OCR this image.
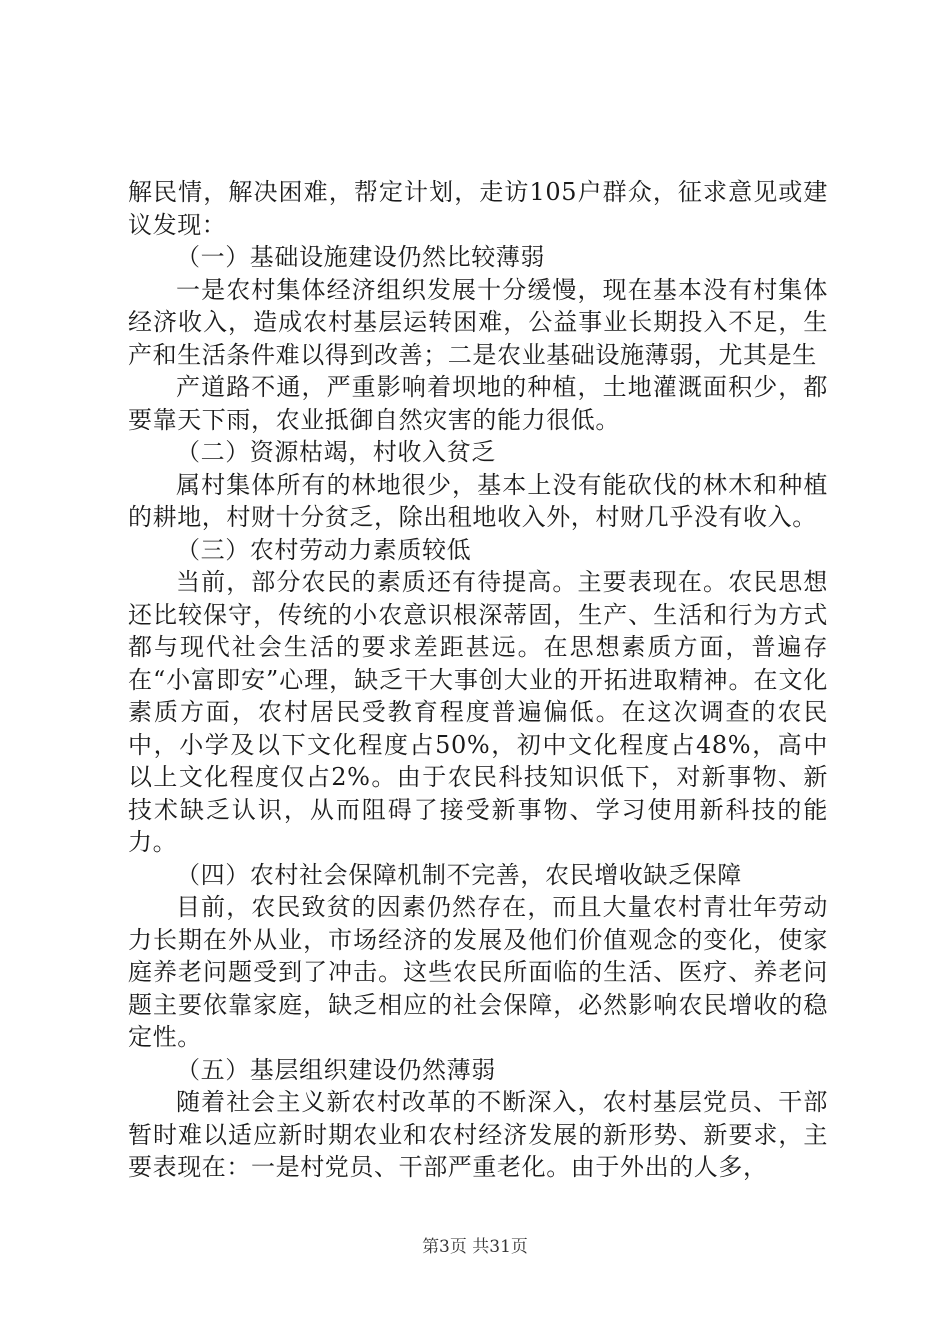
解民情，解决困难，帮定计划，走访105户群众，征求意见或建议发现：

（一）基础设施建设仍然比较薄弱

一是农村集体经济组织发展十分缓慢，现在基本没有村集体经济收入，造成农村基层运转困难，公益事业长期投入不足，生产和生活条件难以得到改善；二是农业基础设施薄弱，尤其是生

产道路不通，严重影响着坝地的种植，土地灌溉面积少，都要靠天下雨，农业抵御自然灾害的能力很低。

（二）资源枯竭，村收入贫乏

属村集体所有的林地很少，基本上没有能砍伐的林木和种植的耕地，村财十分贫乏，除出租地收入外，村财几乎没有收入。

（三）农村劳动力素质较低

当前，部分农民的素质还有待提高。主要表现在。农民思想还比较保守，传统的小农意识根深蒂固，生产、生活和行为方式都与现代社会生活的要求差距甚远。在思想素质方面，普遍存在“小富即安”心理，缺乏干大事创大业的开拓进取精神。在文化素质方面，农村居民受教育程度普遍偏低。在这次调查的农民中，小学及以下文化程度占50%，初中文化程度占48%，高中以上文化程度仅占2%。由于农民科技知识低下，对新事物、新技术缺乏认识，从而阻碍了接受新事物、学习使用新科技的能力。

（四）农村社会保障机制不完善，农民增收缺乏保障

目前，农民致贫的因素仍然存在，而且大量农村青壮年劳动力长期在外从业，市场经济的发展及他们价值观念的变化，使家庭养老问题受到了冲击。这些农民所面临的生活、医疗、养老问题主要依靠家庭，缺乏相应的社会保障，必然影响农民增收的稳定性。

（五）基层组织建设仍然薄弱

随着社会主义新农村改革的不断深入，农村基层党员、干部暂时难以适应新时期农业和农村经济发展的新形势、新要求，主要表现在：一是村党员、干部严重老化。由于外出的人多，

第3页 共31页
